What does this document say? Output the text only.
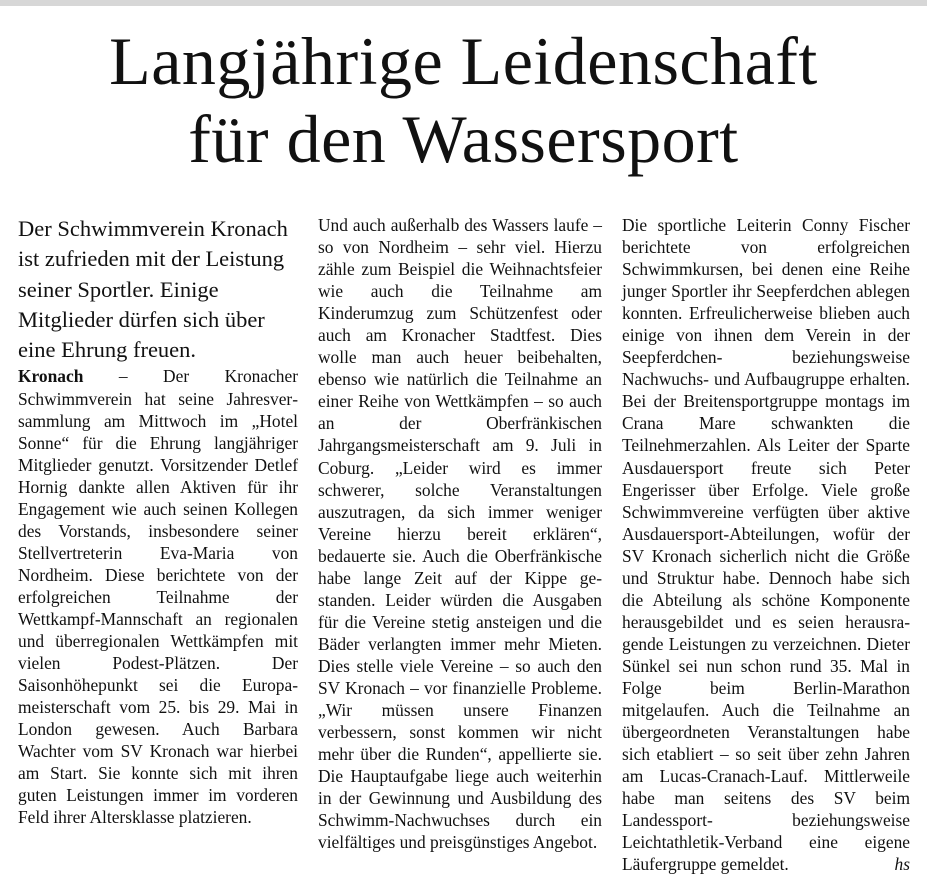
Langjährige Leidenschaft
für den Wassersport

Der Schwimmverein Kronach ist zufrieden mit der Leistung seiner Sportler. Einige Mitglieder dürfen sich über eine Ehrung freuen.

Kronach – Der Kronacher Schwimmverein hat seine Jahresversammlung am Mittwoch im „Hotel Sonne“ für die Ehrung langjähriger Mitglieder genutzt. Vorsitzender Detlef Hornig dankte allen Aktiven für ihr Engagement wie auch seinen Kollegen des Vorstands, insbesondere seiner Stellvertreterin Eva-Maria von Nordheim. Diese berichtete von der erfolgreichen Teilnahme der Wettkampf-Mannschaft an regionalen und überregionalen Wettkämpfen mit vielen Podest-Plätzen. Der Saisonhöhepunkt sei die Europameisterschaft vom 25. bis 29. Mai in London gewesen. Auch Barbara Wachter vom SV Kronach war hierbei am Start. Sie konnte sich mit ihren guten Leistungen immer im vorderen Feld ihrer Altersklasse platzieren.

Und auch außerhalb des Wassers laufe – so von Nordheim – sehr viel. Hierzu zähle zum Beispiel die Weihnachtsfeier wie auch die Teilnahme am Kinderumzug zum Schützenfest oder auch am Kronacher Stadtfest. Dies wolle man auch heuer beibehalten, ebenso wie natürlich die Teilnahme an einer Reihe von Wettkämpfen – so auch an der Oberfränkischen Jahrgangsmeisterschaft am 9. Juli in Coburg. „Leider wird es immer schwerer, solche Veranstaltungen auszutragen, da sich immer weniger Vereine hierzu bereit erklären“, bedauerte sie. Auch die Oberfränkische habe lange Zeit auf der Kippe gestanden. Leider würden die Ausgaben für die Vereine stetig ansteigen und die Bäder verlangten immer mehr Mieten. Dies stelle viele Vereine – so auch den SV Kronach – vor finanzielle Probleme. „Wir müssen unsere Finanzen verbessern, sonst kommen wir nicht mehr über die Runden“, appellierte sie. Die Hauptaufgabe liege auch weiterhin in der Gewinnung und Ausbildung des Schwimm-Nachwuchses durch ein vielfältiges und preisgünstiges Angebot.

Die sportliche Leiterin Conny Fischer berichtete von erfolgreichen Schwimmkursen, bei denen eine Reihe junger Sportler ihr Seepferdchen ablegen konnten. Erfreulicherweise blieben auch einige von ihnen dem Verein in der Seepferdchen- beziehungsweise Nachwuchs- und Aufbaugruppe erhalten. Bei der Breitensportgruppe montags im Crana Mare schwankten die Teilnehmerzahlen. Als Leiter der Sparte Ausdauersport freute sich Peter Engerisser über Erfolge. Viele große Schwimmvereine verfügten über aktive Ausdauersport-Abteilungen, wofür der SV Kronach sicherlich nicht die Größe und Struktur habe. Dennoch habe sich die Abteilung als schöne Komponente herausgebildet und es seien herausragende Leistungen zu verzeichnen. Dieter Sünkel sei nun schon rund 35. Mal in Folge beim Berlin-Marathon mitgelaufen. Auch die Teilnahme an übergeordneten Veranstaltungen habe sich etabliert – so seit über zehn Jahren am Lucas-Cranach-Lauf. Mittlerweile habe man seitens des SV beim Landessport- beziehungsweise Leichtathletik-Verband eine eigene Läufergruppe gemeldet.	hs
